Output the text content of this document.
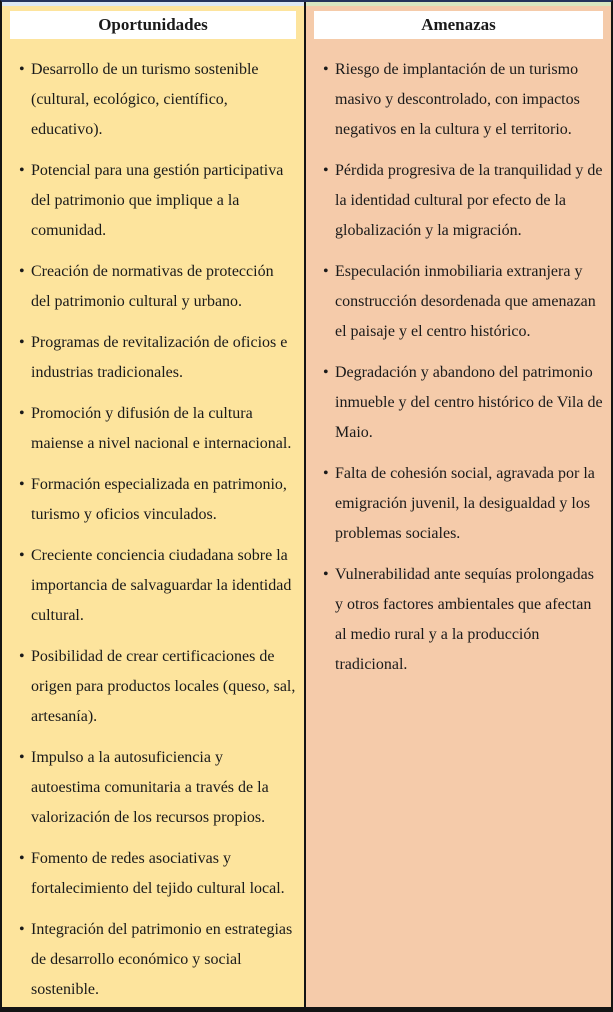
Oportunidades
• Desarrollo de un turismo sostenible (cultural, ecológico, científico, educativo).
• Potencial para una gestión participativa del patrimonio que implique a la comunidad.
• Creación de normativas de protección del patrimonio cultural y urbano.
• Programas de revitalización de oficios e industrias tradicionales.
• Promoción y difusión de la cultura maiense a nivel nacional e internacional.
• Formación especializada en patrimonio, turismo y oficios vinculados.
• Creciente conciencia ciudadana sobre la importancia de salvaguardar la identidad cultural.
• Posibilidad de crear certificaciones de origen para productos locales (queso, sal, artesanía).
• Impulso a la autosuficiencia y autoestima comunitaria a través de la valorización de los recursos propios.
• Fomento de redes asociativas y fortalecimiento del tejido cultural local.
• Integración del patrimonio en estrategias de desarrollo económico y social sostenible.
Amenazas
• Riesgo de implantación de un turismo masivo y descontrolado, con impactos negativos en la cultura y el territorio.
• Pérdida progresiva de la tranquilidad y de la identidad cultural por efecto de la globalización y la migración.
• Especulación inmobiliaria extranjera y construcción desordenada que amenazan el paisaje y el centro histórico.
• Degradación y abandono del patrimonio inmueble y del centro histórico de Vila de Maio.
• Falta de cohesión social, agravada por la emigración juvenil, la desigualdad y los problemas sociales.
• Vulnerabilidad ante sequías prolongadas y otros factores ambientales que afectan al medio rural y a la producción tradicional.
